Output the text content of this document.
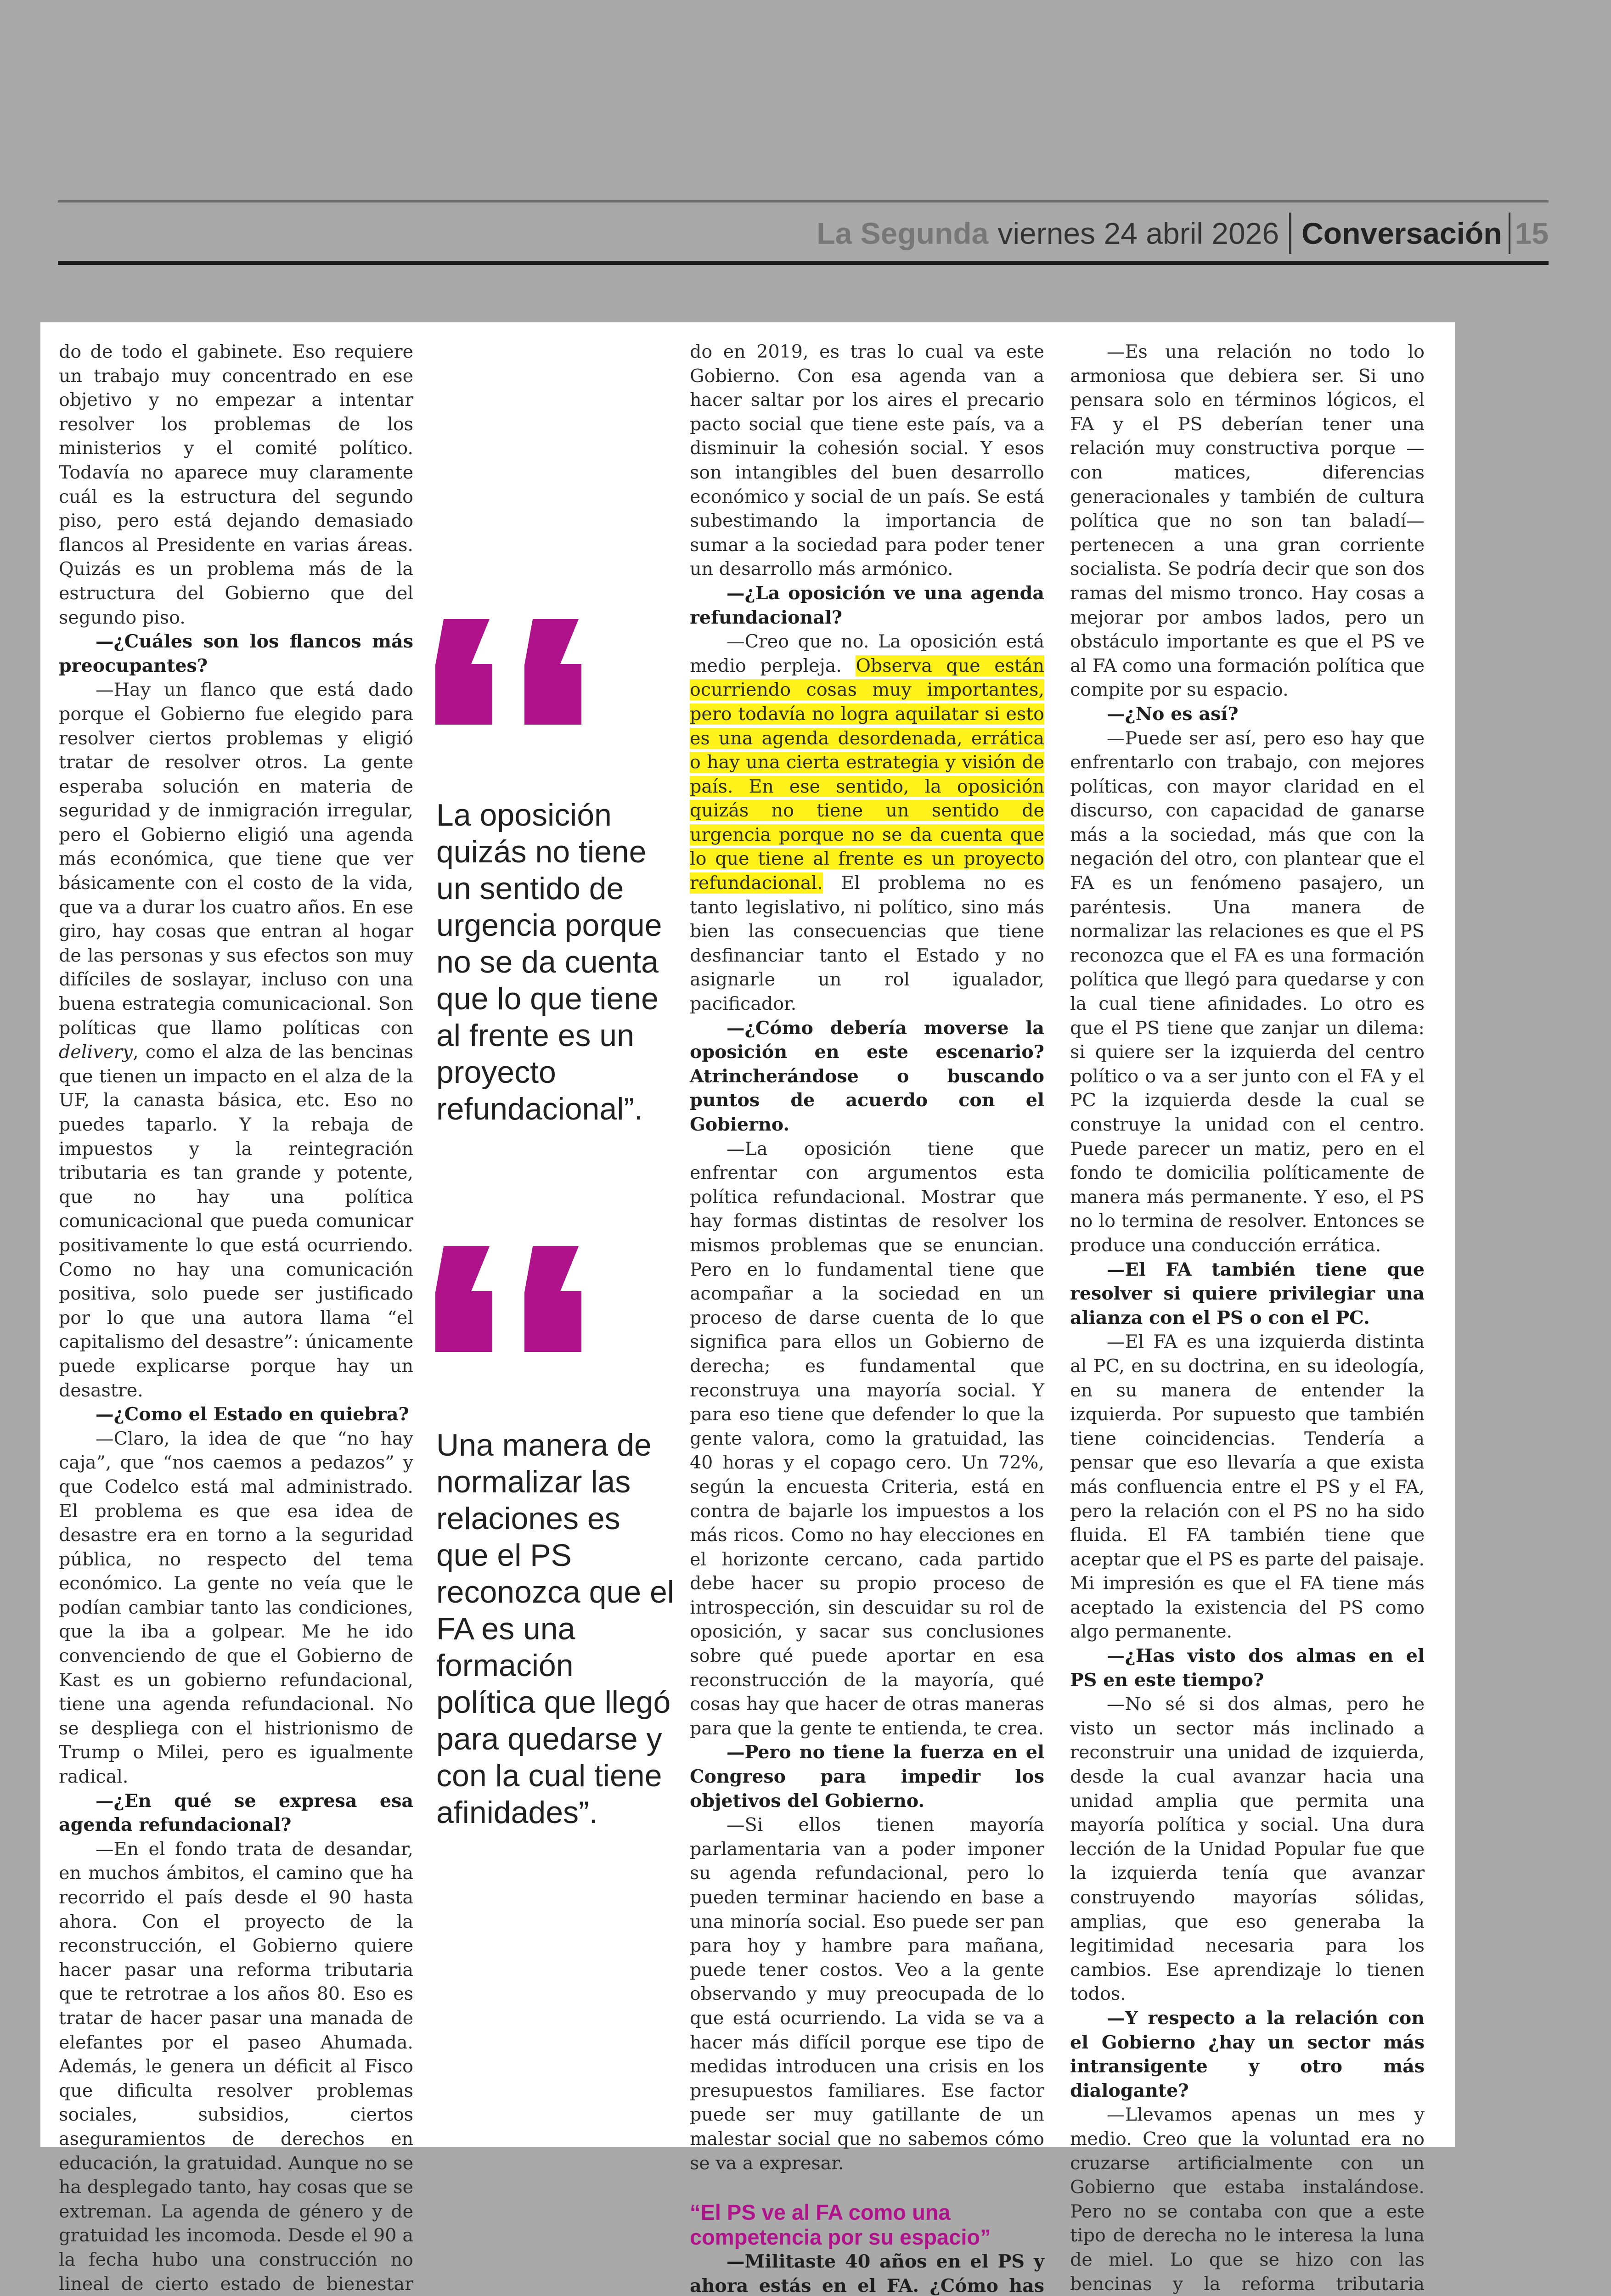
La Segunda viernes 24 abril 2026 Conversación 15

do de todo el gabinete. Eso requiere un trabajo muy concentrado en ese objetivo y no empezar a intentar resolver los problemas de los ministerios y el comité político. Todavía no aparece muy claramente cuál es la estructura del segundo piso, pero está dejando demasiado flancos al Presidente en varias áreas. Quizás es un problema más de la estructura del Gobierno que del segundo piso.

—¿Cuáles son los flancos más preocupantes?

—Hay un flanco que está dado porque el Gobierno fue elegido para resolver ciertos problemas y eligió tratar de resolver otros. La gente esperaba solución en materia de seguridad y de inmigración irregular, pero el Gobierno eligió una agenda más económica, que tiene que ver básicamente con el costo de la vida, que va a durar los cuatro años. En ese giro, hay cosas que entran al hogar de las personas y sus efectos son muy difíciles de soslayar, incluso con una buena estrategia comunicacional. Son políticas que llamo políticas con delivery, como el alza de las bencinas que tienen un impacto en el alza de la UF, la canasta básica, etc. Eso no puedes taparlo. Y la rebaja de impuestos y la reintegración tributaria es tan grande y potente, que no hay una política comunicacional que pueda comunicar positivamente lo que está ocurriendo. Como no hay una comunicación positiva, solo puede ser justificado por lo que una autora llama “el capitalismo del desastre”: únicamente puede explicarse porque hay un desastre.

—¿Como el Estado en quiebra?

—Claro, la idea de que “no hay caja”, que “nos caemos a pedazos” y que Codelco está mal administrado. El problema es que esa idea de desastre era en torno a la seguridad pública, no respecto del tema económico. La gente no veía que le podían cambiar tanto las condiciones, que la iba a golpear. Me he ido convenciendo de que el Gobierno de Kast es un gobierno refundacional, tiene una agenda refundacional. No se despliega con el histrionismo de Trump o Milei, pero es igualmente radical.

—¿En qué se expresa esa agenda refundacional?

—En el fondo trata de desandar, en muchos ámbitos, el camino que ha recorrido el país desde el 90 hasta ahora. Con el proyecto de la reconstrucción, el Gobierno quiere hacer pasar una reforma tributaria que te retrotrae a los años 80. Eso es tratar de hacer pasar una manada de elefantes por el paseo Ahumada. Además, le genera un déficit al Fisco que dificulta resolver problemas sociales, subsidios, ciertos aseguramientos de derechos en educación, la gratuidad. Aunque no se ha desplegado tanto, hay cosas que se extreman. La agenda de género y de gratuidad les incomoda. Desde el 90 a la fecha hubo una construcción no lineal de cierto estado de bienestar

La oposición quizás no tiene un sentido de urgencia porque no se da cuenta que lo que tiene al frente es un proyecto refundacional”.
Una manera de normalizar las relaciones es que el PS reconozca que el FA es una formación política que llegó para quedarse y con la cual tiene afinidades”.

do en 2019, es tras lo cual va este Gobierno. Con esa agenda van a hacer saltar por los aires el precario pacto social que tiene este país, va a disminuir la cohesión social. Y esos son intangibles del buen desarrollo económico y social de un país. Se está subestimando la importancia de sumar a la sociedad para poder tener un desarrollo más armónico.

—¿La oposición ve una agenda refundacional?

—Creo que no. La oposición está medio perpleja. Observa que están ocurriendo cosas muy importantes, pero todavía no logra aquilatar si esto es una agenda desordenada, errática o hay una cierta estrategia y visión de país. En ese sentido, la oposición quizás no tiene un sentido de urgencia porque no se da cuenta que lo que tiene al frente es un proyecto refundacional. El problema no es tanto legislativo, ni político, sino más bien las consecuencias que tiene desfinanciar tanto el Estado y no asignarle un rol igualador, pacificador.

—¿Cómo debería moverse la oposición en este escenario? Atrincherándose o buscando puntos de acuerdo con el Gobierno.

—La oposición tiene que enfrentar con argumentos esta política refundacional. Mostrar que hay formas distintas de resolver los mismos problemas que se enuncian. Pero en lo fundamental tiene que acompañar a la sociedad en un proceso de darse cuenta de lo que significa para ellos un Gobierno de derecha; es fundamental que reconstruya una mayoría social. Y para eso tiene que defender lo que la gente valora, como la gratuidad, las 40 horas y el copago cero. Un 72%, según la encuesta Criteria, está en contra de bajarle los impuestos a los más ricos. Como no hay elecciones en el horizonte cercano, cada partido debe hacer su propio proceso de introspección, sin descuidar su rol de oposición, y sacar sus conclusiones sobre qué puede aportar en esa reconstrucción de la mayoría, qué cosas hay que hacer de otras maneras para que la gente te entienda, te crea.

—Pero no tiene la fuerza en el Congreso para impedir los objetivos del Gobierno.

—Si ellos tienen mayoría parlamentaria van a poder imponer su agenda refundacional, pero lo pueden terminar haciendo en base a una minoría social. Eso puede ser pan para hoy y hambre para mañana, puede tener costos. Veo a la gente observando y muy preocupada de lo que está ocurriendo. La vida se va a hacer más difícil porque ese tipo de medidas introducen una crisis en los presupuestos familiares. Ese factor puede ser muy gatillante de un malestar social que no sabemos cómo se va a expresar.

“El PS ve al FA como una competencia por su espacio”

—Militaste 40 años en el PS y ahora estás en el FA. ¿Cómo has

—Es una relación no todo lo armoniosa que debiera ser. Si uno pensara solo en términos lógicos, el FA y el PS deberían tener una relación muy constructiva porque —con matices, diferencias generacionales y también de cultura política que no son tan baladí— pertenecen a una gran corriente socialista. Se podría decir que son dos ramas del mismo tronco. Hay cosas a mejorar por ambos lados, pero un obstáculo importante es que el PS ve al FA como una formación política que compite por su espacio.

—¿No es así?

—Puede ser así, pero eso hay que enfrentarlo con trabajo, con mejores políticas, con mayor claridad en el discurso, con capacidad de ganarse más a la sociedad, más que con la negación del otro, con plantear que el FA es un fenómeno pasajero, un paréntesis. Una manera de normalizar las relaciones es que el PS reconozca que el FA es una formación política que llegó para quedarse y con la cual tiene afinidades. Lo otro es que el PS tiene que zanjar un dilema: si quiere ser la izquierda del centro político o va a ser junto con el FA y el PC la izquierda desde la cual se construye la unidad con el centro. Puede parecer un matiz, pero en el fondo te domicilia políticamente de manera más permanente. Y eso, el PS no lo termina de resolver. Entonces se produce una conducción errática.

—El FA también tiene que resolver si quiere privilegiar una alianza con el PS o con el PC.

—El FA es una izquierda distinta al PC, en su doctrina, en su ideología, en su manera de entender la izquierda. Por supuesto que también tiene coincidencias. Tendería a pensar que eso llevaría a que exista más confluencia entre el PS y el FA, pero la relación con el PS no ha sido fluida. El FA también tiene que aceptar que el PS es parte del paisaje. Mi impresión es que el FA tiene más aceptado la existencia del PS como algo permanente.

—¿Has visto dos almas en el PS en este tiempo?

—No sé si dos almas, pero he visto un sector más inclinado a reconstruir una unidad de izquierda, desde la cual avanzar hacia una unidad amplia que permita una mayoría política y social. Una dura lección de la Unidad Popular fue que la izquierda tenía que avanzar construyendo mayorías sólidas, amplias, que eso generaba la legitimidad necesaria para los cambios. Ese aprendizaje lo tienen todos.

—Y respecto a la relación con el Gobierno ¿hay un sector más intransigente y otro más dialogante?

—Llevamos apenas un mes y medio. Creo que la voluntad era no cruzarse artificialmente con un Gobierno que estaba instalándose. Pero no se contaba con que a este tipo de derecha no le interesa la luna de miel. Lo que se hizo con las bencinas y la reforma tributaria
